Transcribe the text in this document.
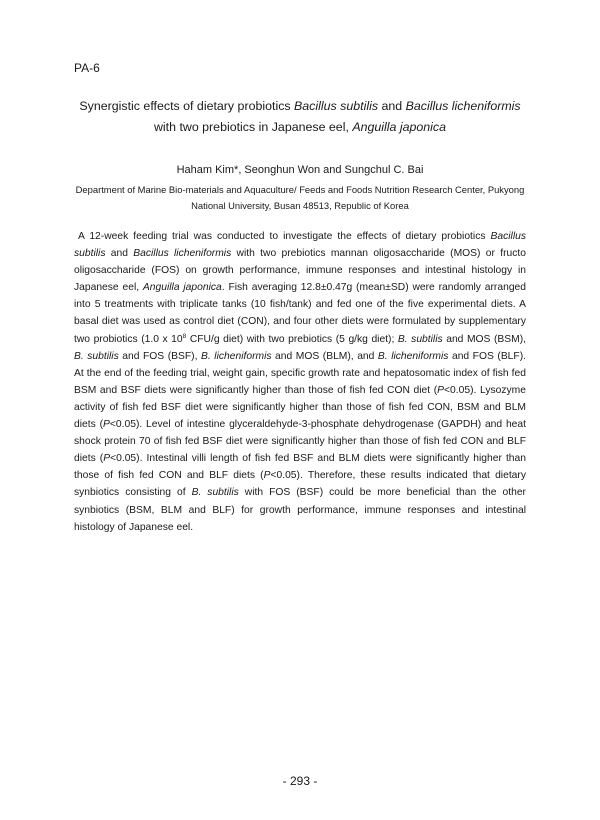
PA-6
Synergistic effects of dietary probiotics Bacillus subtilis and Bacillus licheniformis
with two prebiotics in Japanese eel, Anguilla japonica
Haham Kim*, Seonghun Won and Sungchul C. Bai
Department of Marine Bio-materials and Aquaculture/ Feeds and Foods Nutrition Research Center, Pukyong
National University, Busan 48513, Republic of Korea

A 12-week feeding trial was conducted to investigate the effects of dietary probiotics Bacillus subtilis and Bacillus licheniformis with two prebiotics mannan oligosaccharide (MOS) or fructo oligosaccharide (FOS) on growth performance, immune responses and intestinal histology in Japanese eel, Anguilla japonica. Fish averaging 12.8±0.47g (mean±SD) were randomly arranged into 5 treatments with triplicate tanks (10 fish/tank) and fed one of the five experimental diets. A basal diet was used as control diet (CON), and four other diets were formulated by supplementary two probiotics (1.0 x $10^8$ CFU/g diet) with two prebiotics (5 g/kg diet); B. subtilis and MOS (BSM), B. subtilis and FOS (BSF), B. licheniformis and MOS (BLM), and B. licheniformis and FOS (BLF). At the end of the feeding trial, weight gain, specific growth rate and hepatosomatic index of fish fed BSM and BSF diets were significantly higher than those of fish fed CON diet (P<0.05). Lysozyme activity of fish fed BSF diet were significantly higher than those of fish fed CON, BSM and BLM diets (P<0.05). Level of intestine glyceraldehyde-3-phosphate dehydrogenase (GAPDH) and heat shock protein 70 of fish fed BSF diet were significantly higher than those of fish fed CON and BLF diets (P<0.05). Intestinal villi length of fish fed BSF and BLM diets were significantly higher than those of fish fed CON and BLF diets (P<0.05). Therefore, these results indicated that dietary synbiotics consisting of B. subtilis with FOS (BSF) could be more beneficial than the other synbiotics (BSM, BLM and BLF) for growth performance, immune responses and intestinal histology of Japanese eel.

- 293 -
